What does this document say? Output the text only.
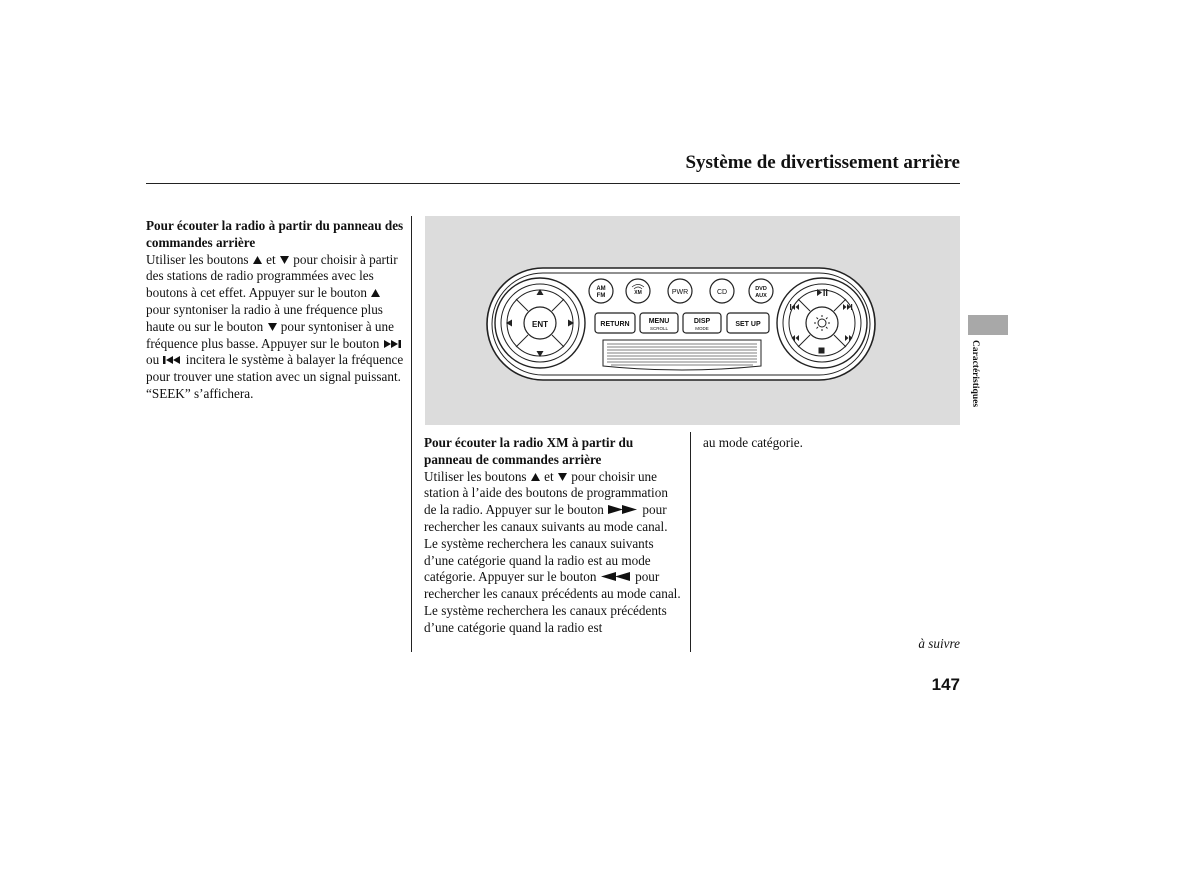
Système de divertissement arrière
Pour écouter la radio à partir du panneau des commandes arrière
Utiliser les boutons et pour choisir à partir des stations de radio programmées avec les boutons à cet effet. Appuyer sur le bouton  pour syntoniser la radio à une fréquence plus haute ou sur le bouton pour syntoniser à une fréquence plus basse. Appuyer sur le bouton  ou incitera le système à balayer la fréquence pour trouver une station avec un signal puissant. “SEEK” s’affichera.
ENT
AM
FM	XM	PWR	CD	DVD
AUX
RETURN	MENU
SCROLL
DISP
MODE
SET UP
Pour écouter la radio XM à partir du panneau de commandes arrière
Utiliser les boutons et pour choisir une station à l’aide des boutons de programmation de la radio. Appuyer sur le bouton	pour rechercher les canaux suivants au mode canal. Le système recherchera les canaux suivants d’une catégorie quand la radio est au mode catégorie. Appuyer sur le bouton	pour rechercher les canaux précédents au mode canal. Le système recherchera les canaux précédents d’une catégorie quand la radio est
au mode catégorie.
Caractéristiques
à suivre
147
